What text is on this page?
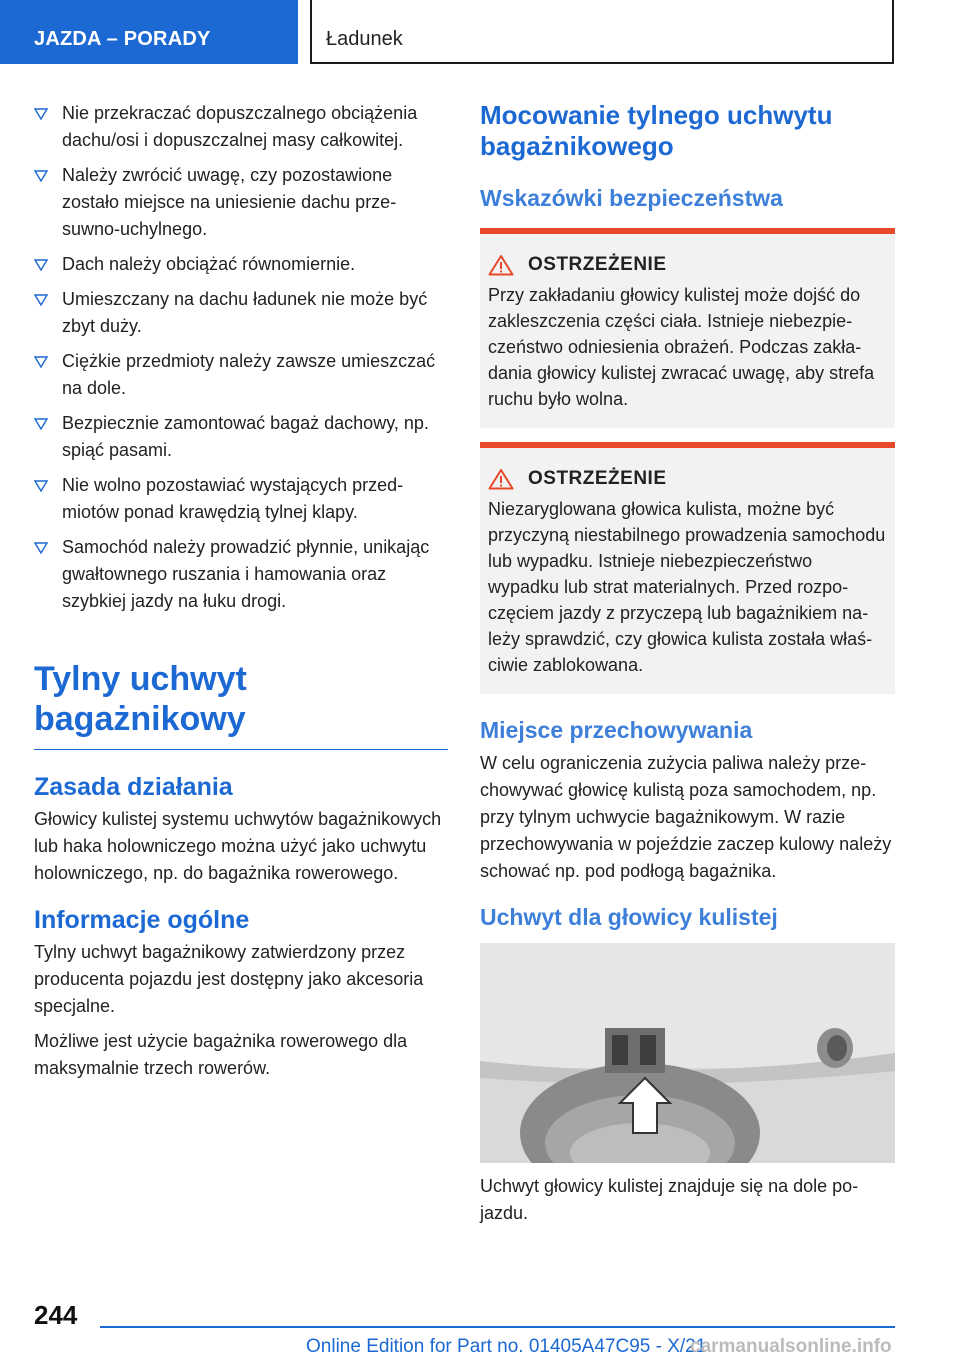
JAZDA – PORADY	Ładunek
Nie przekraczać dopuszczalnego obciążenia dachu/osi i dopuszczalnej masy całkowitej.
Należy zwrócić uwagę, czy pozostawione zostało miejsce na uniesienie dachu przesuwno-uchylnego.
Dach należy obciążać równomiernie.
Umieszczany na dachu ładunek nie może być zbyt duży.
Ciężkie przedmioty należy zawsze umieszczać na dole.
Bezpiecznie zamontować bagaż dachowy, np. spiąć pasami.
Nie wolno pozostawiać wystających przedmiotów ponad krawędzią tylnej klapy.
Samochód należy prowadzić płynnie, unikając gwałtownego ruszania i hamowania oraz szybkiej jazdy na łuku drogi.
Tylny uchwyt bagażnikowy
Zasada działania

Głowicy kulistej systemu uchwytów bagażnikowych lub haka holowniczego można użyć jako uchwytu holowniczego, np. do bagażnika rowerowego.

Informacje ogólne

Tylny uchwyt bagażnikowy zatwierdzony przez producenta pojazdu jest dostępny jako akcesoria specjalne.

Możliwe jest użycie bagażnika rowerowego dla maksymalnie trzech rowerów.

Mocowanie tylnego uchwytu bagażnikowego
Wskazówki bezpieczeństwa
OSTRZEŻENIE

Przy zakładaniu głowicy kulistej może dojść do zakleszczenia części ciała. Istnieje niebezpieczeństwo odniesienia obrażeń. Podczas zakładania głowicy kulistej zwracać uwagę, aby strefa ruchu było wolna.

OSTRZEŻENIE

Niezaryglowana głowica kulista, możne być przyczyną niestabilnego prowadzenia samochodu lub wypadku. Istnieje niebezpieczeństwo wypadku lub strat materialnych. Przed rozpoczęciem jazdy z przyczepą lub bagażnikiem należy sprawdzić, czy głowica kulista została właściwie zablokowana.

Miejsce przechowywania

W celu ograniczenia zużycia paliwa należy przechowywać głowicę kulistą poza samochodem, np. przy tylnym uchwycie bagażnikowym. W razie przechowywania w pojeździe zaczep kulowy należy schować np. pod podłogą bagażnika.

Uchwyt dla głowicy kulistej

Uchwyt głowicy kulistej znajduje się na dole pojazdu.

244
Online Edition for Part no. 01405A47C95 - X/21
carmanualsonline.info
